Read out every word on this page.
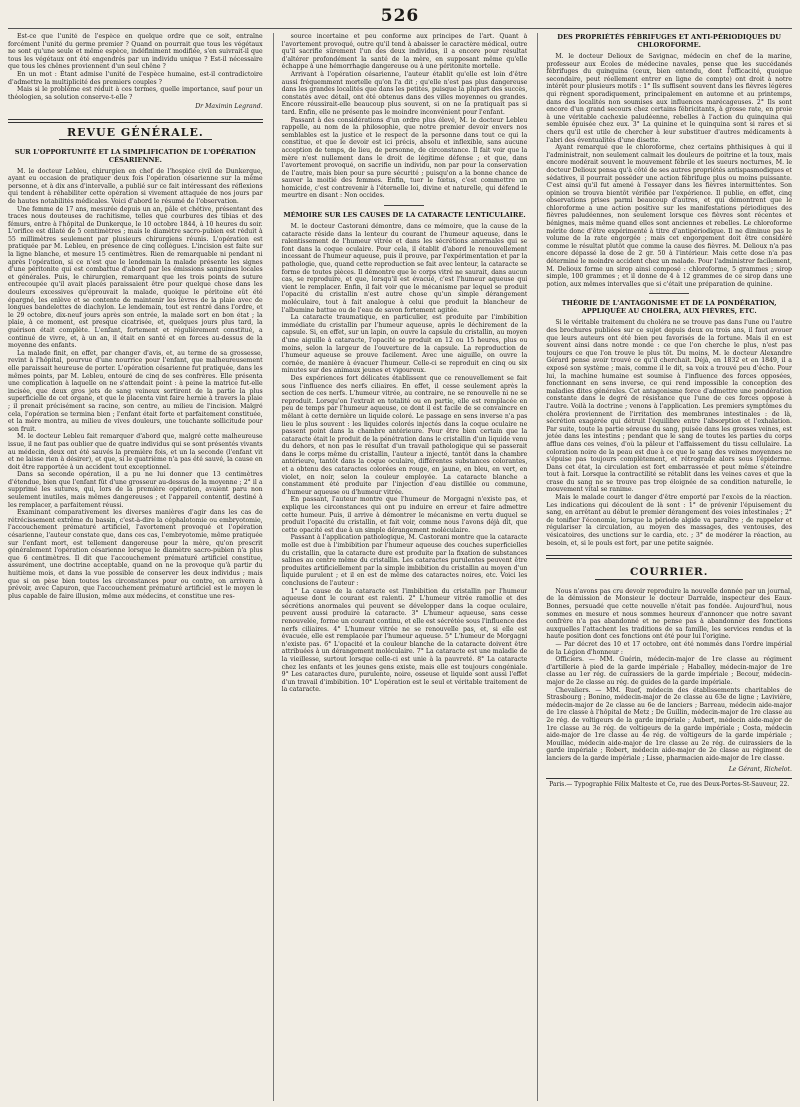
526

Est-ce que l'unité de l'espèce en quelque ordre que ce soit, entraîne forcément l'unité du germe premier ? Quand on pourrait que tous les végétaux ne sont qu'une seule et même espèce, indéfiniment modifiée, s'en suivrait-il que tous les végétaux ont été engendrés par un individu unique ? Est-il nécessaire que tous les chênes proviennent d'un seul chêne ?

En un mot : Étant admise l'unité de l'espèce humaine, est-il contradictoire d'admettre la multiplicité des premiers couples ?

Mais si le problème est réduit à ces termes, quelle importance, sauf pour un théologien, sa solution conserve-t-elle ?

Dr Maximin Legrand.

REVUE GÉNÉRALE.
SUR L'OPPORTUNITÉ ET LA SIMPLIFICATION DE L'OPÉRATION CÉSARIENNE.

M. le docteur Lebleu, chirurgien en chef de l'hospice civil de Dunkerque, ayant eu occasion de pratiquer deux fois l'opération césarienne sur la même personne, et à dix ans d'intervalle, a publié sur ce fait intéressant des réflexions qui tendent à réhabiliter cette opération si vivement attaquée de nos jours par de hautes notabilités médicales. Voici d'abord le résumé de l'observation.

Une femme de 17 ans, mesurée depuis un an, pâle et chétive, présentant des traces nous douteuses de rachitisme, telles que courbures des tibias et des fémurs, entre à l'hôpital de Dunkerque, le 10 octobre 1844, à 10 heures du soir. L'orifice est dilaté de 5 centimètres ; mais le diamètre sacro-pubien est réduit à 55 millimètres seulement par plusieurs chirurgiens réunis. L'opération est pratiquée par M. Lebleu, en présence de cinq collègues. L'incision est faite sur la ligne blanche, et mesure 15 centimètres. Rien de remarquable ni pendant ni après l'opération, si ce n'est que le lendemain la malade présente les signes d'une péritonite qui est combattue d'abord par les émissions sanguines locales et générales. Puis, le chirurgien, remarquant que les trois points de suture entrecoupée qu'il avait placés paraissaient être pour quelque chose dans les douleurs excessives qu'éprouvait la malade, quoique le péritoine eût été épargné, les enlève et se contente de maintenir les lèvres de la plaie avec de longues bandelettes de diachylon. Le lendemain, tout est rentré dans l'ordre, et le 29 octobre, dix-neuf jours après son entrée, la malade sort en bon état ; la plaie, à ce moment, est presque cicatrisée, et, quelques jours plus tard, la guérison était complète. L'enfant, fortement et régulièrement constitué, a continué de vivre, et, à un an, il était en santé et en forces au-dessus de la moyenne des enfants.

La malade finit, en effet, par changer d'avis, et, au terme de sa grossesse, revint à l'hôpital, pourvue d'une nourrice pour l'enfant, que malheureusement elle paraissait heureuse de porter. L'opération césarienne fut pratiquée, dans les mêmes points, par M. Lebleu, entouré de cinq de ses confrères. Elle présenta une complication à laquelle on ne s'attendait point : à peine la matrice fut-elle incisée, que deux gros jets de sang veineux sortirent de la partie la plus superficielle de cet organe, et que le placenta vint faire hernie à travers la plaie ; il prenait précisément sa racine, son centre, au milieu de l'incision. Malgré cela, l'opération se termina bien ; l'enfant était forte et parfaitement constituée, et la mère montra, au milieu de vives douleurs, une touchante sollicitude pour son fruit.

M. le docteur Lebleu fait remarquer d'abord que, malgré cette malheureuse issue, il ne faut pas oublier que de quatre individus qui se sont présentés vivants au médecin, deux ont été sauvés la première fois, et un la seconde (l'enfant vit et ne laisse rien à désirer), et que, si le quatrième n'a pas été sauvé, la cause en doit être rapportée à un accident tout exceptionnel.

Dans sa seconde opération, il a pu ne lui donner que 13 centimètres d'étendue, bien que l'enfant fût d'une grosseur au-dessus de la moyenne ; 2° il a supprimé les sutures, qui, lors de la première opération, avaient paru non seulement inutiles, mais mêmes dangereuses ; et l'appareil contentif, destiné à les remplacer, a parfaitement réussi.

Examinant comparativement les diverses manières d'agir dans les cas de rétrécissement extrême du bassin, c'est-à-dire la céphalotomie ou embryotomie, l'accouchement prématuré artificiel, l'avortement provoqué et l'opération césarienne, l'auteur constate que, dans ces cas, l'embryotomie, même pratiquée sur l'enfant mort, est tellement dangereuse pour la mère, qu'on prescrit généralement l'opération césarienne lorsque le diamètre sacro-pubien n'a plus que 6 centimètres. Il dit que l'accouchement prématuré artificiel constitue, assurément, une doctrine acceptable, quand on ne la provoque qu'à partir du huitième mois, et dans la vue possible de conserver les deux individus ; mais que si on pèse bien toutes les circonstances pour ou contre, on arrivera à prévoir, avec Capuron, que l'accouchement prématuré artificiel est le moyen le plus capable de faire illusion, même aux médecins, et constitue une res-

source incertaine et peu conforme aux principes de l'art. Quant à l'avortement provoqué, outre qu'il tend à abaisser le caractère médical, outre qu'il sacrifie sûrement l'un des deux individus, il a encore pour résultat d'altérer profondément la santé de la mère, en supposant même qu'elle échappe à une hémorrhagie dangereuse ou à une péritonite mortelle.

Arrivant à l'opération césarienne, l'auteur établit qu'elle est loin d'être aussi fréquemment mortelle qu'on l'a dit ; qu'elle n'est pas plus dangereuse dans les grandes localités que dans les petites, puisque la plupart des succès, constatés avec détail, ont été obtenus dans des villes moyennes ou grandes. Encore réussirait-elle beaucoup plus souvent, si on ne la pratiquait pas si tard. Enfin, elle ne présente pas le moindre inconvénient pour l'enfant.

Passant à des considérations d'un ordre plus élevé, M. le docteur Lebleu rappelle, au nom de la philosophie, que notre premier devoir envers nos semblables est la justice et le respect de la personne dans tout ce qui la constitue, et que le devoir est ici précis, absolu et inflexible, sans aucune acception de temps, de lieu, de personne, de circonstance. Il fait voir que la mère n'est nullement dans le droit de légitime défense ; et que, dans l'avortement provoqué, on sacrifie un individu, non par pour la conservation de l'autre, mais bien pour sa pure sécurité ; puisqu'on a la bonne chance de sauver la moitié des femmes. Enfin, tuer le fœtus, c'est commettre un homicide, c'est contrevenir à l'éternelle loi, divine et naturelle, qui défend le meurtre en disant : Non occides.

MÉMOIRE SUR LES CAUSES DE LA CATARACTE LENTICULAIRE.

M. le docteur Castorani démontre, dans ce mémoire, que la cause de la cataracte réside dans la lenteur du courant de l'humeur aqueuse, dans le ralentissement de l'humeur vitrée et dans les sécrétions anormales qui se font dans la coque oculaire. Pour cela, il établit d'abord le renouvellement incessant de l'humeur aqueuse, puis il prouve, par l'expérimentation et par la pathologie, que, quand cette reproduction se fait avec lenteur, la cataracte se forme de toutes pièces. Il démontre que le corps vitré ne saurait, dans aucun cas, se reproduire, et que, lorsqu'il est évacué, c'est l'humeur aqueuse qui vient le remplacer. Enfin, il fait voir que le mécanisme par lequel se produit l'opacité du cristallin n'est autre chose qu'un simple dérangement moléculaire, tout à fait analogue à celui que produit la blancheur de l'albumine battue ou de l'eau de savon fortement agitée.

La cataracte traumatique, en particulier, est produite par l'imbibition immédiate du cristallin par l'humeur aqueuse, après le déchirement de la capsule. Si, en effet, sur un lapin, on ouvre la capsule du cristallin, au moyen d'une aiguille à cataracte, l'opacité se produit en 12 ou 15 heures, plus ou moins, selon la largeur de l'ouverture de la capsule. La reproduction de l'humeur aqueuse se prouve facilement. Avec une aiguille, on ouvre la cornée, de manière à évacuer l'humeur. Celle-ci se reproduit en cinq ou six minutes sur des animaux jeunes et vigoureux.

Des expériences fort délicates établissent que ce renouvellement se fait sous l'influence des nerfs ciliaires. En effet, il cesse seulement après la section de ces nerfs. L'humeur vitrée, au contraire, ne se renouvelle ni ne se reproduit. Lorsqu'on l'extrait en totalité ou en partie, elle est remplacée en peu de temps par l'humeur aqueuse, ce dont il est facile de se convaincre en mêlant à cette dernière un liquide coloré. Le passage en sens inverse n'a pas lieu le plus souvent : les liquides colorés injectés dans la coque oculaire ne passent point dans la chambre antérieure. Pour être bien certain que la cataracte était le produit de la pénétration dans le cristallin d'un liquide venu du dehors, et non pas le résultat d'un travail pathologique qui se passerait dans le corps même du cristallin, l'auteur a injecté, tantôt dans la chambre antérieure, tantôt dans la coque oculaire, différentes substances colorantes, et a obtenu des cataractes colorées en rouge, en jaune, en bleu, en vert, en violet, en noir, selon la couleur employée. La cataracte blanche a constamment été produite par l'injection d'eau distillée ou commune, d'humeur aqueuse ou d'humeur vitrée.

En passant, l'auteur montre que l'humeur de Morgagni n'existe pas, et explique les circonstances qui ont pu induire en erreur et faire admettre cette humeur. Puis, il arrive à démontrer le mécanisme en vertu duquel se produit l'opacité du cristallin, et fait voir, comme nous l'avons déjà dit, que cette opacité est due à un simple dérangement moléculaire.

Passant à l'application pathologique, M. Castorani montre que la cataracte molle est due à l'imbibition par l'humeur aqueuse des couches superficielles du cristallin, que la cataracte dure est produite par la fixation de substances salines au centre même du cristallin. Les cataractes purulentes peuvent être produites artificiellement par la simple imbibition du cristallin au moyen d'un liquide purulent ; et il en est de même des cataractes noires, etc. Voici les conclusions de l'auteur :

1° La cause de la cataracte est l'imbibition du cristallin par l'humeur aqueuse dont le courant est ralenti. 2° L'humeur vitrée ramollie et des sécrétions anormales qui peuvent se développer dans la coque oculaire, peuvent aussi produire la cataracte. 3° L'humeur aqueuse, sans cesse renouvelée, forme un courant continu, et elle est sécrétée sous l'influence des nerfs ciliaires. 4° L'humeur vitrée ne se renouvelle pas, et, si elle est évacuée, elle est remplacée par l'humeur aqueuse. 5° L'humeur de Morgagni n'existe pas. 6° L'opacité et la couleur blanche de la cataracte doivent être attribuées à un dérangement moléculaire. 7° La cataracte est une maladie de la vieillesse, surtout lorsque celle-ci est unie à la pauvreté. 8° La cataracte chez les enfants et les jeunes gens existe, mais elle est toujours congéniale. 9° Les cataractes dure, purulente, noire, osseuse et liquide sont aussi l'effet d'un travail d'imbibition. 10° L'opération est le seul et véritable traitement de la cataracte.

DES PROPRIÉTÉS FÉBRIFUGES ET ANTI-PÉRIODIQUES DU CHLOROFORME.

M. le docteur Delioux de Savignac, médecin en chef de la marine, professeur aux Écoles de médecine navales, pense que les succédanés fébrifuges du quinquina (ceux, bien entendu, dont l'efficacité, quoique secondaire, peut réellement entrer en ligne de compte) ont droit à notre intérêt pour plusieurs motifs : 1° Ils suffisent souvent dans les fièvres légères qui règnent sporadiquement, principalement en automne et au printemps, dans des localités non soumises aux influences marécageuses. 2° Ils sont encore d'un grand secours chez certains fébricitants, à grosse rate, en proie à une véritable cachexie paludéenne, rebelles à l'action du quinquina qui semble épuisée chez eux. 3° La quinine et le quinquina sont si rares et si chers qu'il est utile de chercher à leur substituer d'autres médicaments à l'abri des éventualités d'une disette.

Ayant remarqué que le chloroforme, chez certains phthisiques à qui il l'administrait, non seulement calmait les douleurs de poitrine et la toux, mais encore modérait souvent le mouvement fébrile et les sueurs nocturnes, M. le docteur Delioux pensa qu'à côté de ses autres propriétés antispasmodiques et sédatives, il pourrait posséder une action fébrifuge plus ou moins puissante. C'est ainsi qu'il fut amené à l'essayer dans les fièvres intermittentes. Son opinion se trouva bientôt vérifiée par l'expérience. Il publie, en effet, cinq observations prises parmi beaucoup d'autres, et qui démontrent que le chloroforme a une action positive sur les manifestations périodiques des fièvres paludéennes, non seulement lorsque ces fièvres sont récentes et bénignes, mais même quand elles sont anciennes et rebelles. Le chloroforme mérite donc d'être expérimenté à titre d'antipériodique. Il ne diminue pas le volume de la rate engorgée ; mais cet engorgement doit être considéré comme le résultat plutôt que comme la cause des fièvres. M. Delioux n'a pas encore dépassé la dose de 2 gr. 50 à l'intérieur. Mais cette dose n'a pas déterminé le moindre accident chez un malade. Pour l'administrer facilement, M. Delioux forme un sirop ainsi composé : chloroforme, 5 grammes ; sirop simple, 100 grammes ; et il donne de 4 à 12 grammes de ce sirop dans une potion, aux mêmes intervalles que si c'était une préparation de quinine.

THÉORIE DE L'ANTAGONISME ET DE LA PONDÉRATION, APPLIQUÉE AU CHOLÉRA, AUX FIÈVRES, ETC.

Si le véritable traitement du choléra ne se trouve pas dans l'une ou l'autre des brochures publiées sur ce sujet depuis deux ou trois ans, il faut avouer que leurs auteurs ont été bien peu favorisés de la fortune. Mais il en est souvent ainsi dans notre monde : ce que l'on cherche le plus, n'est pas toujours ce que l'on trouve le plus tôt. Du moins, M. le docteur Alexandre Gérard pense avoir trouvé ce qu'il cherchait. Déjà, en 1832 et en 1849, il a exposé son système ; mais, comme il le dit, sa voix a trouvé peu d'écho. Pour lui, la machine humaine est soumise à l'influence des forces opposées, fonctionnant en sens inverse, ce qui rend impossible la conception des maladies dites générales. Cet antagonisme force d'admettre une pondération constante dans le degré de résistance que l'une de ces forces oppose à l'autre. Voilà la doctrine ; venons à l'application. Les premiers symptômes du choléra proviennent de l'irritation des membranes intestinales : de là, sécrétion exagérée qui détruit l'équilibre entre l'absorption et l'exhalation. Par suite, toute la partie séreuse du sang, puisée dans les grosses veines, est jetée dans les intestins ; pendant que le sang de toutes les parties du corps afflue dans ces veines, d'où la pâleur et l'affaissement du tissu cellulaire. La coloration noire de la peau est due à ce que le sang des veines moyennes ne s'épuise pas toujours complètement, et rétrograde alors sous l'épiderme. Dans cet état, la circulation est fort embarrassée et peut même s'éteindre tout à fait. Lorsque la contractilité se rétablit dans les veines caves et que la crase du sang ne se trouve pas trop éloignée de sa condition naturelle, le mouvement vital se ranime.

Mais le malade court le danger d'être emporté par l'excès de la réaction. Les indications qui découlent de là sont : 1° de prévenir l'épuisement du sang, en arrêtant au début le premier dérangement des voies intestinales ; 2° de tonifier l'économie, lorsque la période algide va paraître ; de rappeler et régulariser la circulation, au moyen des massages, des ventouses, des vésicatoires, des unctions sur le cardia, etc. ; 3° de modérer la réaction, au besoin, et, si le pouls est fort, par une petite saignée.

COURRIER.

Nous n'avons pas cru devoir reproduire la nouvelle donnée par un journal, de la démission de Monsieur le docteur Darralde, inspecteur des Eaux-Bonnes, persuadé que cette nouvelle n'était pas fondée. Aujourd'hui, nous sommes en mesure et nous sommes heureux d'annoncer que notre savant confrère n'a pas abandonné et ne pense pas à abandonner des fonctions auxquelles l'attachent les traditions de sa famille, les services rendus et la haute position dont ces fonctions ont été pour lui l'origine.

— Par décret des 10 et 17 octobre, ont été nommés dans l'ordre impérial de la Légion d'honneur :

Officiers. — MM. Guérin, médecin-major de 1re classe au régiment d'artillerie à pied de la garde impériale ; Haballey, médecin-major de 1re classe au 1er rég. de cuirassiers de la garde impériale ; Becour, médecin-major de 2e classe au rég. de guides de la garde impériale.

Chevaliers. — MM. Ruef, médecin des établissements charitables de Strasbourg ; Bonino, médecin-major de 2e classe au 63e de ligne ; Lavivière, médecin-major de 2e classe au 6e de lanciers ; Barreau, médecin aide-major de 1re classe à l'hôpital de Metz ; De Guillin, médecin-major de 1re classe au 2e rég. de voltigeurs de la garde impériale ; Aubert, médecin aide-major de 1re classe au 3e rég. de voltigeurs de la garde impériale ; Costa, médecin aide-major de 1re classe au 4e rég. de voltigeurs de la garde impériale ; Mouillac, médecin aide-major de 1re classe au 2e rég. de cuirassiers de la garde impériale ; Robert, médecin aide-major de 2e classe au régiment de lanciers de la garde impériale ; Lisse, pharmacien aide-major de 1re classe.

Le Gérant, Richelot.

Paris.— Typographie Félix Malteste et Ce, rue des Deux-Portes-St-Sauveur, 22.
